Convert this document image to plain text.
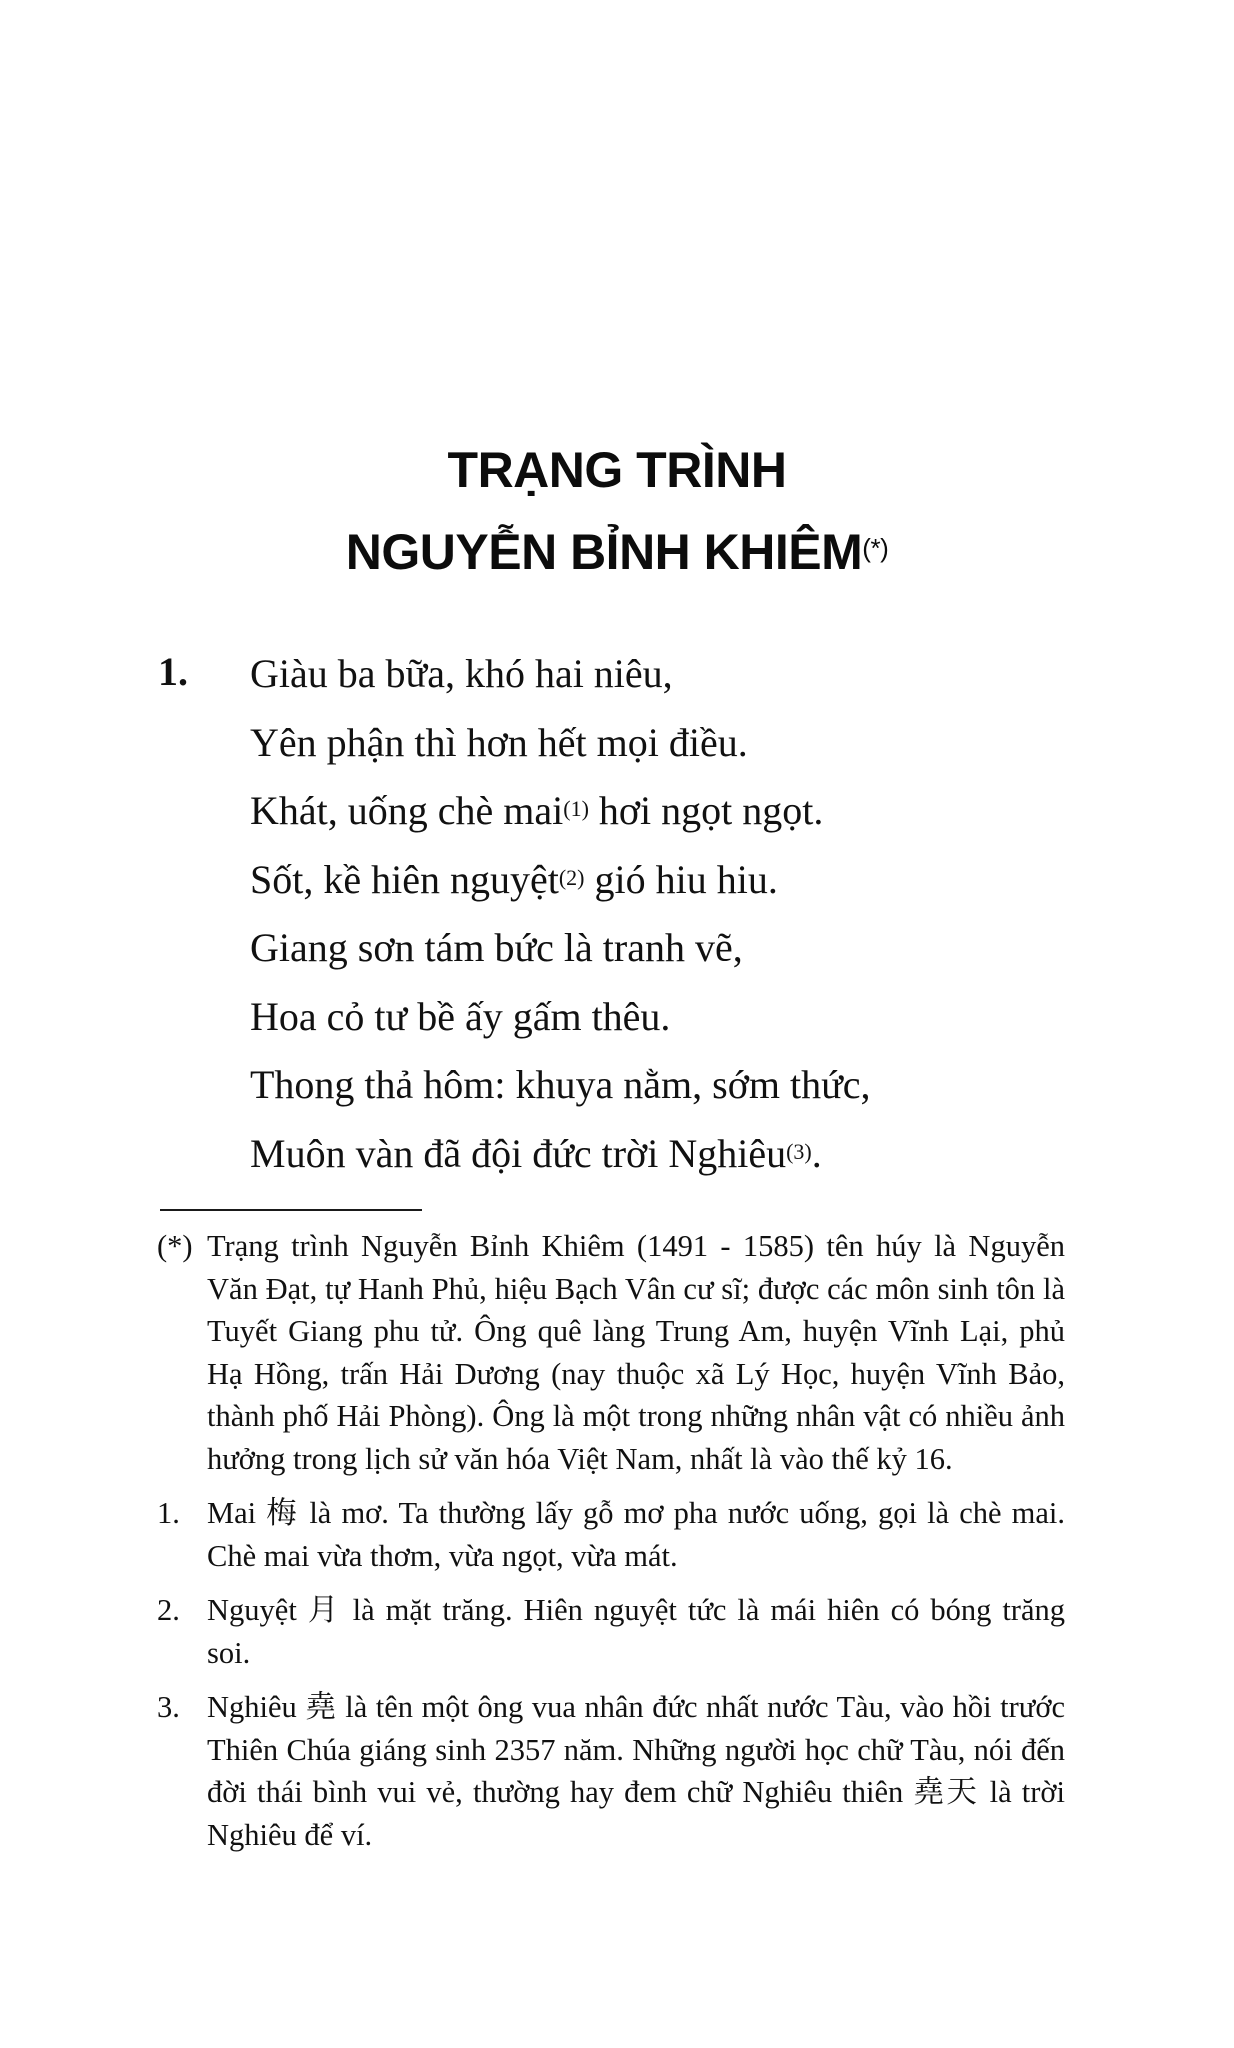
TRẠNG TRÌNH
NGUYỄN BỈNH KHIÊM(*)
1. Giàu ba bữa, khó hai niêu,
Yên phận thì hơn hết mọi điều.
Khát, uống chè mai$^{(1)}$ hơi ngọt ngọt.
Sốt, kề hiên nguyệt$^{(2)}$ gió hiu hiu.
Giang sơn tám bức là tranh vẽ,
Hoa cỏ tư bề ấy gấm thêu.
Thong thả hôm: khuya nằm, sớm thức,
Muôn vàn đã đội đức trời Nghiêu$^{(3)}$.
(*) Trạng trình Nguyễn Bỉnh Khiêm (1491 - 1585) tên húy là Nguyễn Văn Đạt, tự Hanh Phủ, hiệu Bạch Vân cư sĩ; được các môn sinh tôn là Tuyết Giang phu tử. Ông quê làng Trung Am, huyện Vĩnh Lại, phủ Hạ Hồng, trấn Hải Dương (nay thuộc xã Lý Học, huyện Vĩnh Bảo, thành phố Hải Phòng). Ông là một trong những nhân vật có nhiều ảnh hưởng trong lịch sử văn hóa Việt Nam, nhất là vào thế kỷ 16.
1. Mai 梅 là mơ. Ta thường lấy gỗ mơ pha nước uống, gọi là chè mai. Chè mai vừa thơm, vừa ngọt, vừa mát.
2. Nguyệt 月 là mặt trăng. Hiên nguyệt tức là mái hiên có bóng trăng soi.
3. Nghiêu 堯 là tên một ông vua nhân đức nhất nước Tàu, vào hồi trước Thiên Chúa giáng sinh 2357 năm. Những người học chữ Tàu, nói đến đời thái bình vui vẻ, thường hay đem chữ Nghiêu thiên 堯天 là trời Nghiêu để ví.
